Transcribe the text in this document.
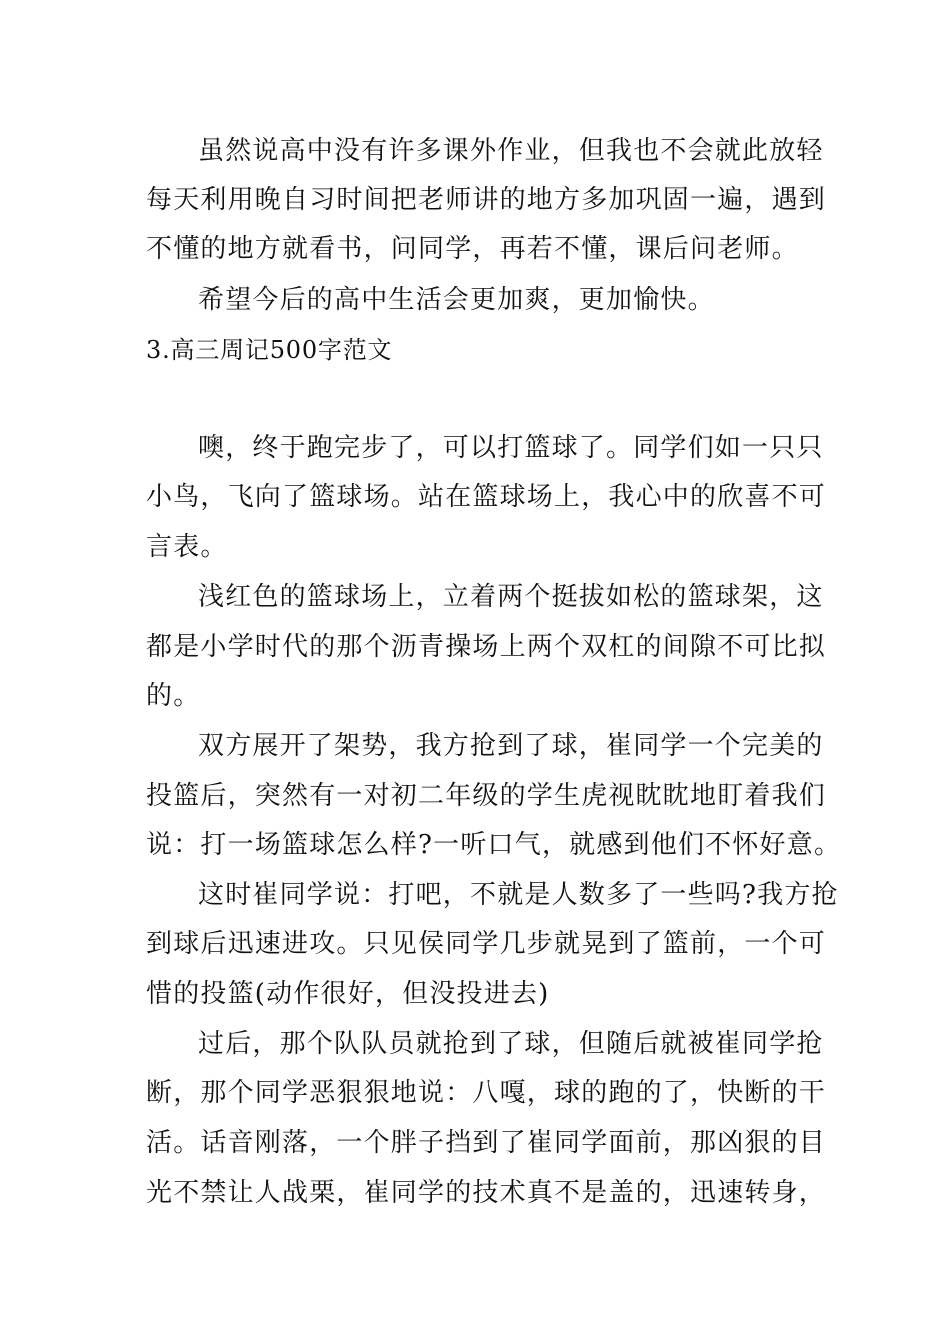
虽然说高中没有许多课外作业，但我也不会就此放轻
每天利用晚自习时间把老师讲的地方多加巩固一遍，遇到
不懂的地方就看书，问同学，再若不懂，课后问老师。
希望今后的高中生活会更加爽，更加愉快。
3.高三周记500字范文
噢，终于跑完步了，可以打篮球了。同学们如一只只
小鸟，飞向了篮球场。站在篮球场上，我心中的欣喜不可
言表。
浅红色的篮球场上，立着两个挺拔如松的篮球架，这
都是小学时代的那个沥青操场上两个双杠的间隙不可比拟
的。
双方展开了架势，我方抢到了球，崔同学一个完美的
投篮后，突然有一对初二年级的学生虎视眈眈地盯着我们
说：打一场篮球怎么样?一听口气，就感到他们不怀好意。
这时崔同学说：打吧，不就是人数多了一些吗?我方抢
到球后迅速进攻。只见侯同学几步就晃到了篮前，一个可
惜的投篮(动作很好，但没投进去)
过后，那个队队员就抢到了球，但随后就被崔同学抢
断，那个同学恶狠狠地说：八嘎，球的跑的了，快断的干
活。话音刚落，一个胖子挡到了崔同学面前，那凶狠的目
光不禁让人战栗，崔同学的技术真不是盖的，迅速转身，
